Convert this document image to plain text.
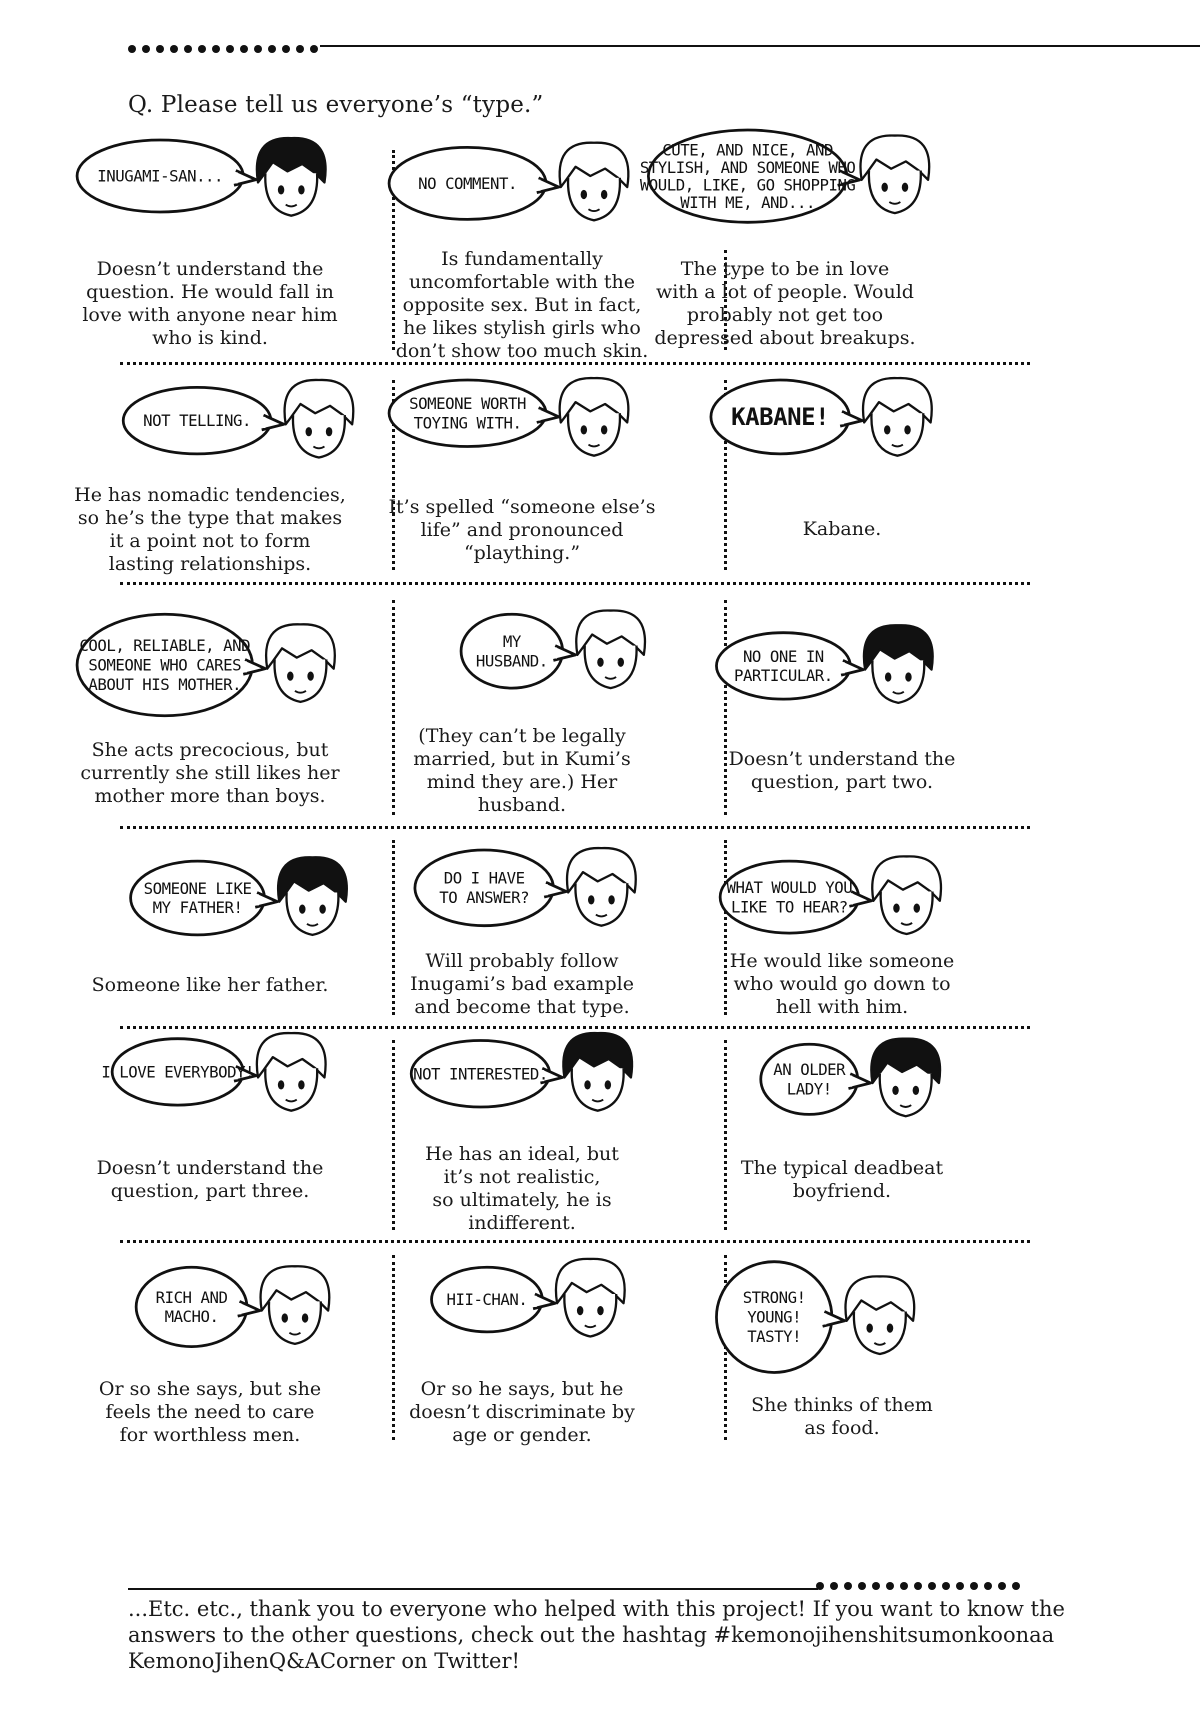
Q. Please tell us everyone’s “type.”
INUGAMI-SAN...
Doesn’t understand the
question. He would fall in
love with anyone near him
who is kind.
NO COMMENT.
Is fundamentally
uncomfortable with the
opposite sex. But in fact,
he likes stylish girls who
don’t show too much skin.
CUTE, AND NICE, AND
STYLISH, AND SOMEONE WHO
WOULD, LIKE, GO SHOPPING
WITH ME, AND...
The type to be in love
with a lot of people. Would
probably not get too
depressed about breakups.
NOT TELLING.
He has nomadic tendencies,
so he’s the type that makes
it a point not to form
lasting relationships.
SOMEONE WORTH
TOYING WITH.
It’s spelled “someone else’s
life” and pronounced
“plaything.”
KABANE!
Kabane.
COOL, RELIABLE, AND
SOMEONE WHO CARES
ABOUT HIS MOTHER.
She acts precocious, but
currently she still likes her
mother more than boys.
MY
HUSBAND.
(They can’t be legally
married, but in Kumi’s
mind they are.) Her
husband.
NO ONE IN
PARTICULAR.
Doesn’t understand the
question, part two.
SOMEONE LIKE
MY FATHER!
Someone like her father.
DO I HAVE
TO ANSWER?
Will probably follow
Inugami’s bad example
and become that type.
WHAT WOULD YOU
LIKE TO HEAR?
He would like someone
who would go down to
hell with him.
I LOVE EVERYBODY!
Doesn’t understand the
question, part three.
NOT INTERESTED.
He has an ideal, but
it’s not realistic,
so ultimately, he is
indifferent.
AN OLDER
LADY!
The typical deadbeat
boyfriend.
RICH AND
MACHO.
Or so she says, but she
feels the need to care
for worthless men.
HII-CHAN.
Or so he says, but he
doesn’t discriminate by
age or gender.
STRONG!
YOUNG!
TASTY!
She thinks of them
as food.
...Etc. etc., thank you to everyone who helped with this project! If you want to know the
answers to the other questions, check out the hashtag #kemonojihenshitsumonkoonaa
KemonoJihenQ&ACorner on Twitter!
